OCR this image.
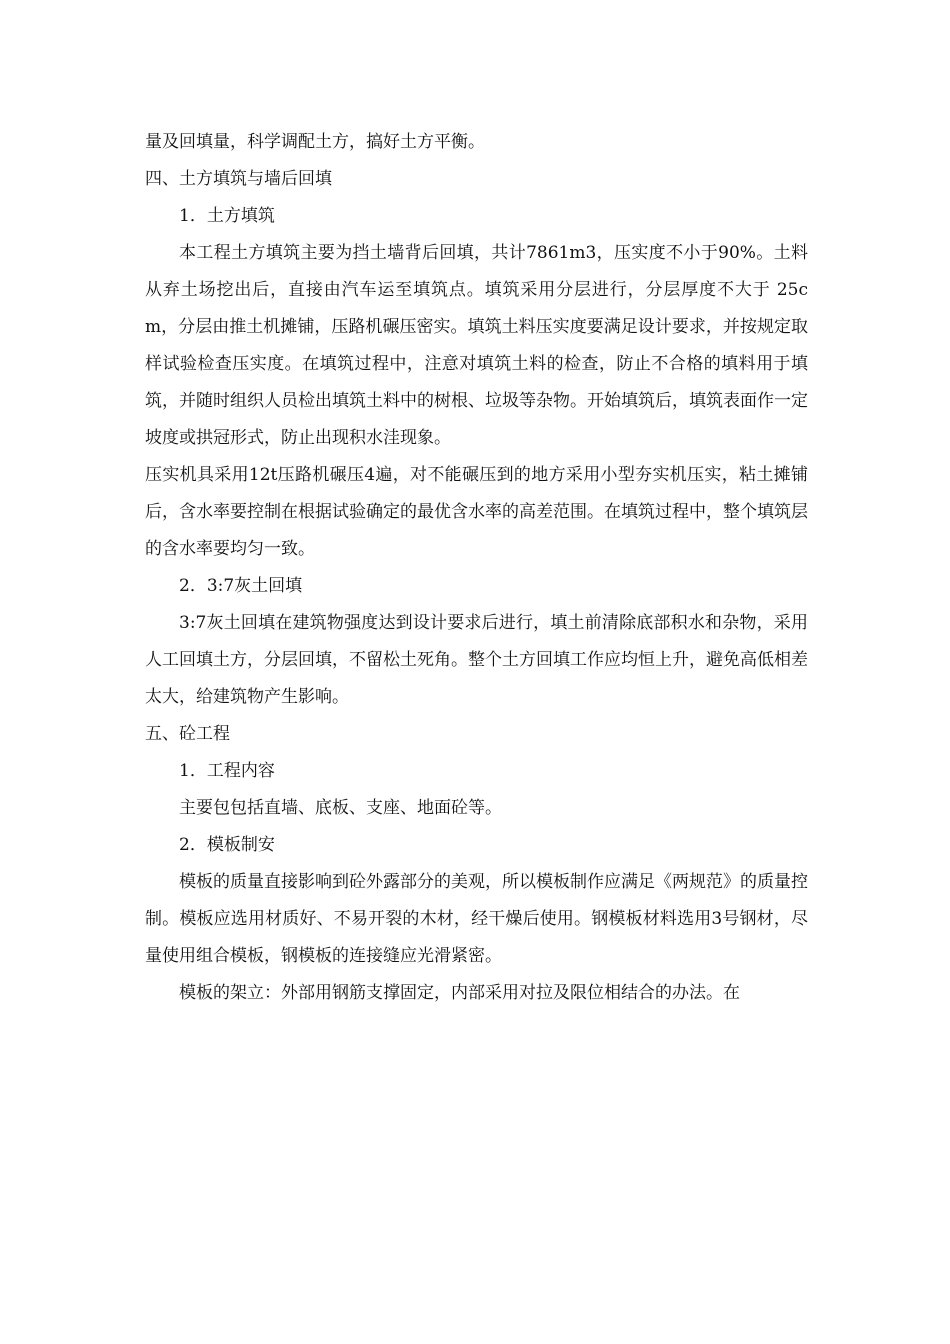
量及回填量，科学调配土方，搞好土方平衡。

四、土方填筑与墙后回填

1．土方填筑

本工程土方填筑主要为挡土墙背后回填，共计7861m3，压实度不小于90%。土料从弃土场挖出后，直接由汽车运至填筑点。填筑采用分层进行，分层厚度不大于 25cm，分层由推土机摊铺，压路机碾压密实。填筑土料压实度要满足设计要求，并按规定取样试验检查压实度。在填筑过程中，注意对填筑土料的检查，防止不合格的填料用于填筑，并随时组织人员检出填筑土料中的树根、垃圾等杂物。开始填筑后，填筑表面作一定坡度或拱冠形式，防止出现积水洼现象。

压实机具采用12t压路机碾压4遍，对不能碾压到的地方采用小型夯实机压实，粘土摊铺后，含水率要控制在根据试验确定的最优含水率的高差范围。在填筑过程中，整个填筑层的含水率要均匀一致。

2．3:7灰土回填

3:7灰土回填在建筑物强度达到设计要求后进行，填土前清除底部积水和杂物，采用人工回填土方，分层回填，不留松土死角。整个土方回填工作应均恒上升，避免高低相差太大，给建筑物产生影响。

五、砼工程

1．工程内容

主要包包括直墙、底板、支座、地面砼等。

2．模板制安

模板的质量直接影响到砼外露部分的美观，所以模板制作应满足《两规范》的质量控制。模板应选用材质好、不易开裂的木材，经干燥后使用。钢模板材料选用3号钢材，尽量使用组合模板，钢模板的连接缝应光滑紧密。

模板的架立：外部用钢筋支撑固定，内部采用对拉及限位相结合的办法。在
